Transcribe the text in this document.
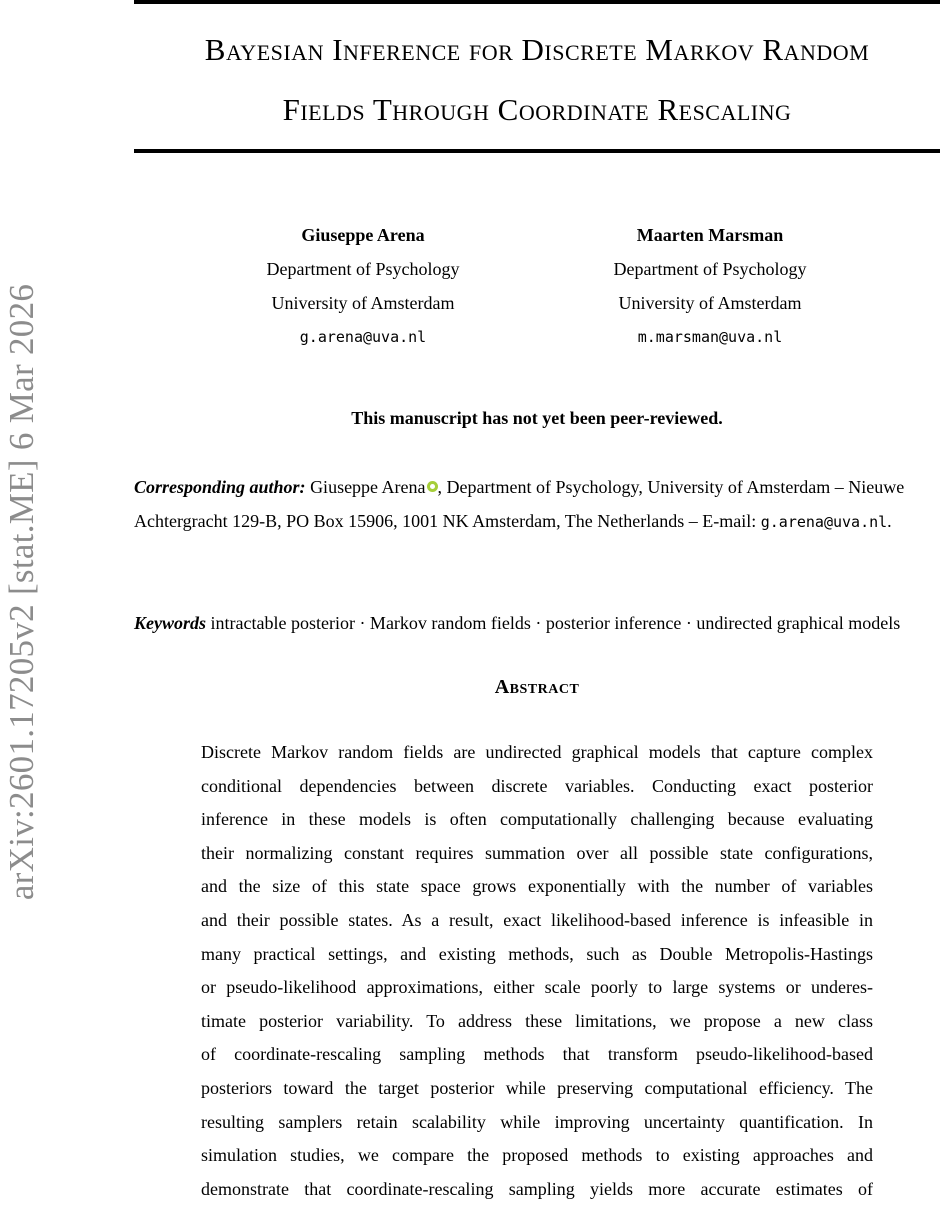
arXiv:2601.17205v2 [stat.ME] 6 Mar 2026
Bayesian Inference for Discrete Markov Random
Fields Through Coordinate Rescaling
Giuseppe Arena
Department of Psychology
University of Amsterdam
g.arena@uva.nl
Maarten Marsman
Department of Psychology
University of Amsterdam
m.marsman@uva.nl
This manuscript has not yet been peer-reviewed.
Corresponding author: Giuseppe Arena , Department of Psychology, University of Amsterdam – Nieuwe Achtergracht 129-B, PO Box 15906, 1001 NK Amsterdam, The Netherlands – E-mail: g.arena@uva.nl.
Keywords intractable posterior · Markov random fields · posterior inference · undirected graphical models
Abstract
Discrete Markov random fields are undirected graphical models that capture complex
conditional dependencies between discrete variables. Conducting exact posterior
inference in these models is often computationally challenging because evaluating
their normalizing constant requires summation over all possible state configurations,
and the size of this state space grows exponentially with the number of variables
and their possible states. As a result, exact likelihood-based inference is infeasible in
many practical settings, and existing methods, such as Double Metropolis-Hastings
or pseudo-likelihood approximations, either scale poorly to large systems or underes-
timate posterior variability. To address these limitations, we propose a new class
of coordinate-rescaling sampling methods that transform pseudo-likelihood-based
posteriors toward the target posterior while preserving computational efficiency. The
resulting samplers retain scalability while improving uncertainty quantification. In
simulation studies, we compare the proposed methods to existing approaches and
demonstrate that coordinate-rescaling sampling yields more accurate estimates of
